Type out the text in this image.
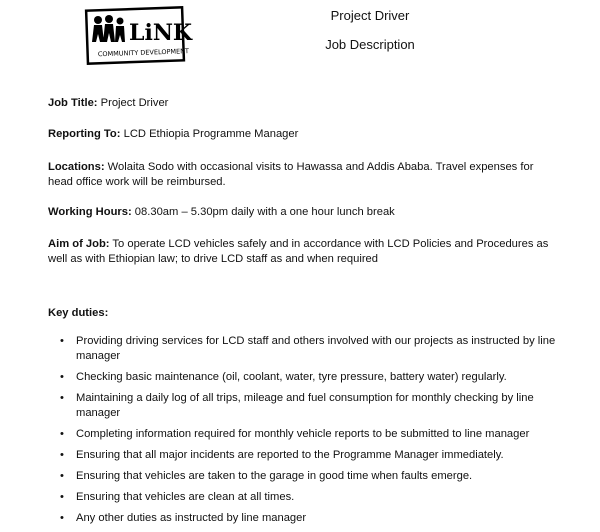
LiNK
COMMUNITY DEVELOPMENT
Project Driver
Job Description
Job Title: Project Driver
Reporting To: LCD Ethiopia Programme Manager
Locations: Wolaita Sodo with occasional visits to Hawassa and Addis Ababa. Travel expenses for head office work will be reimbursed.
Working Hours: 08.30am – 5.30pm daily with a one hour lunch break
Aim of Job: To operate LCD vehicles safely and in accordance with LCD Policies and Procedures as well as with Ethiopian law; to drive LCD staff as and when required
Key duties:
• Providing driving services for LCD staff and others involved with our projects as instructed by line manager
• Checking basic maintenance (oil, coolant, water, tyre pressure, battery water) regularly.
• Maintaining a daily log of all trips, mileage and fuel consumption for monthly checking by line manager
• Completing information required for monthly vehicle reports to be submitted to line manager
• Ensuring that all major incidents are reported to the Programme Manager immediately.
• Ensuring that vehicles are taken to the garage in good time when faults emerge.
• Ensuring that vehicles are clean at all times.
• Any other duties as instructed by line manager
